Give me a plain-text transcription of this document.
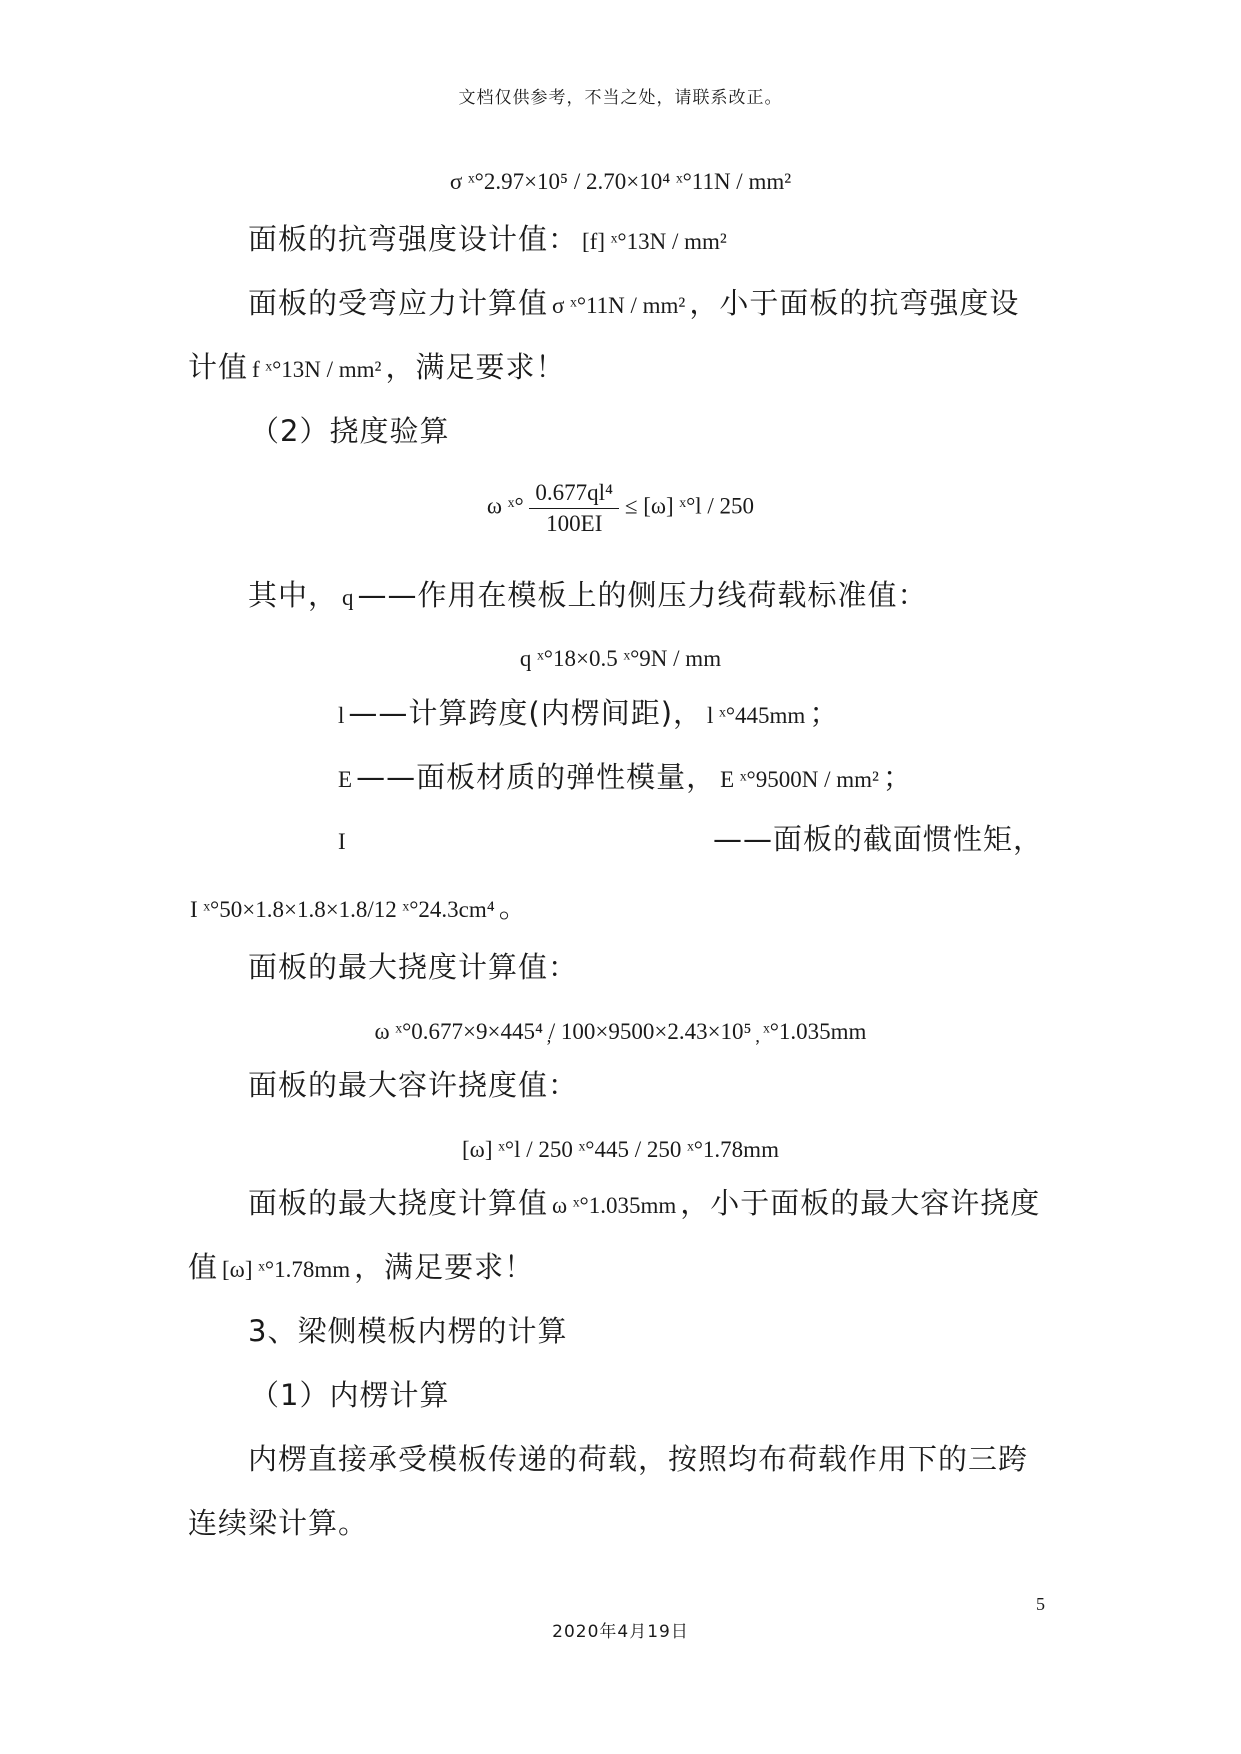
文档仅供参考，不当之处，请联系改正。
σ ˣ°2.97×10⁵ / 2.70×10⁴ ˣ°11N / mm²
面板的抗弯强度设计值： [f] ˣ°13N / mm²
面板的受弯应力计算值 σ ˣ°11N / mm² ，小于面板的抗弯强度设
计值 f ˣ°13N / mm² ，满足要求！
（2）挠度验算
ω ˣ° $\frac{\text{0.677ql⁴}}{100EI} \le [\omega]$ ˣ°l / 250
其中， q ——作用在模板上的侧压力线荷载标准值：
q ˣ°18×0.5 ˣ°9N / mm
l ——计算跨度(内楞间距)， l ˣ°445mm ；
E ——面板材质的弹性模量， E ˣ°9500N / mm² ；
I	——面板的截面惯性矩，
I ˣ°50×1.8×1.8×1.8/12 ˣ°24.3cm⁴ 。
面板的最大挠度计算值：
ω ˣ°0.677×9×445⁴ ̦/ 100×9500×2.43×10⁵ ̦ ˣ°1.035mm
面板的最大容许挠度值：
[ω] ˣ°l / 250 ˣ°445 / 250 ˣ°1.78mm
面板的最大挠度计算值 ω ˣ°1.035mm ，小于面板的最大容许挠度
值 [ω] ˣ°1.78mm ，满足要求！
3、梁侧模板内楞的计算
（1）内楞计算
内楞直接承受模板传递的荷载，按照均布荷载作用下的三跨
连续梁计算。
5
2020年4月19日
